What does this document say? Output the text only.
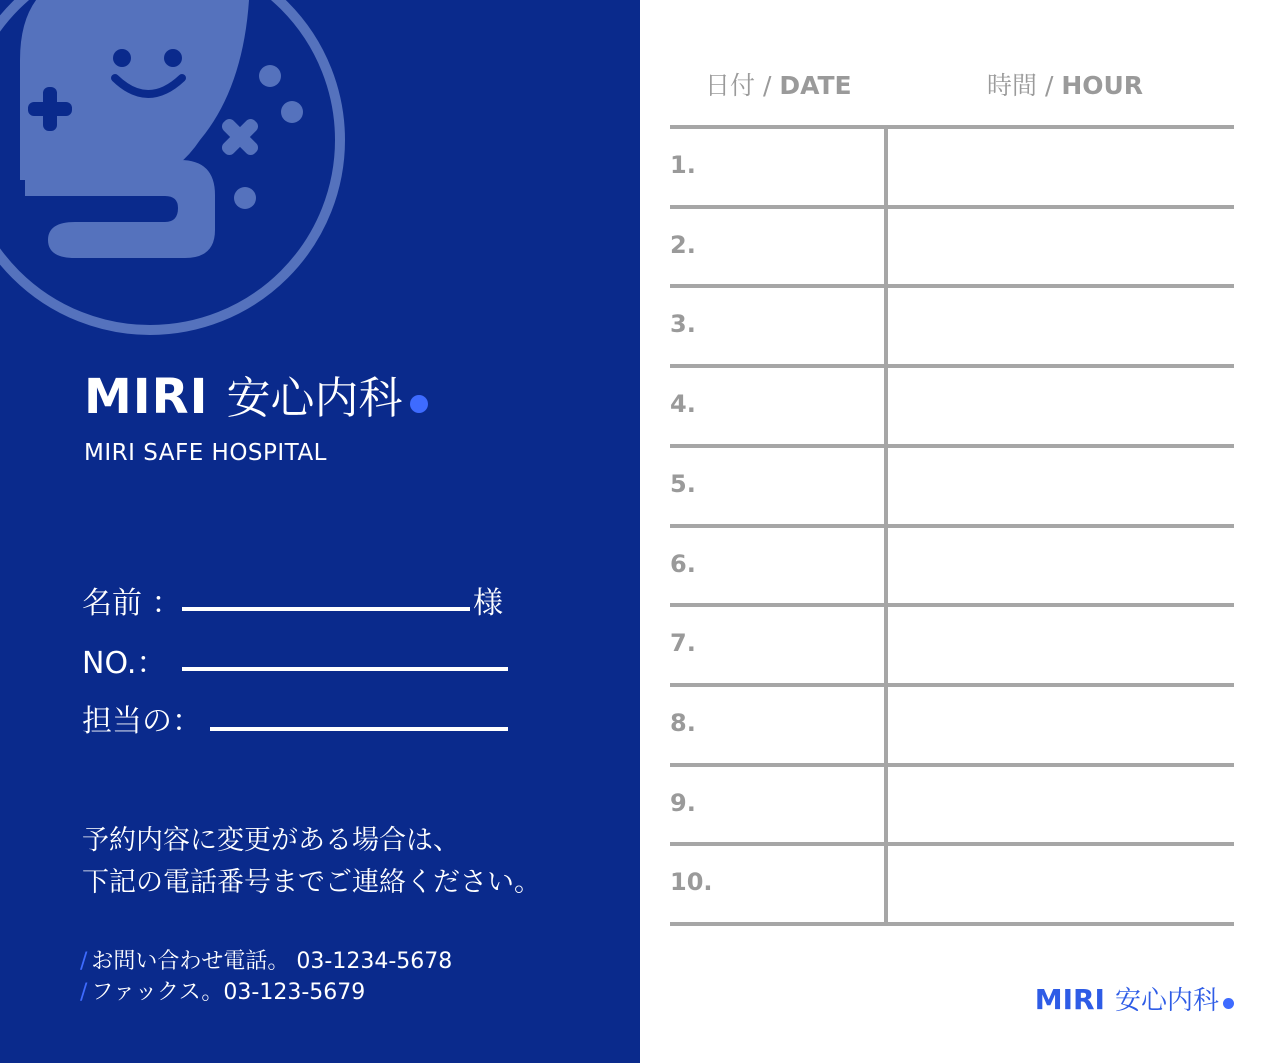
MIRI 安心内科
MIRI SAFE HOSPITAL
名前 ：	様
NO.：
担当の：
予約内容に変更がある場合は、
下記の電話番号までご連絡ください。
/ お問い合わせ電話。 03-1234-5678
/ ファックス。03-123-5679
日付 / DATE	時間 / HOUR
1.
2.
3.
4.
5.
6.
7.
8.
9.
10.
MIRI 安心内科
